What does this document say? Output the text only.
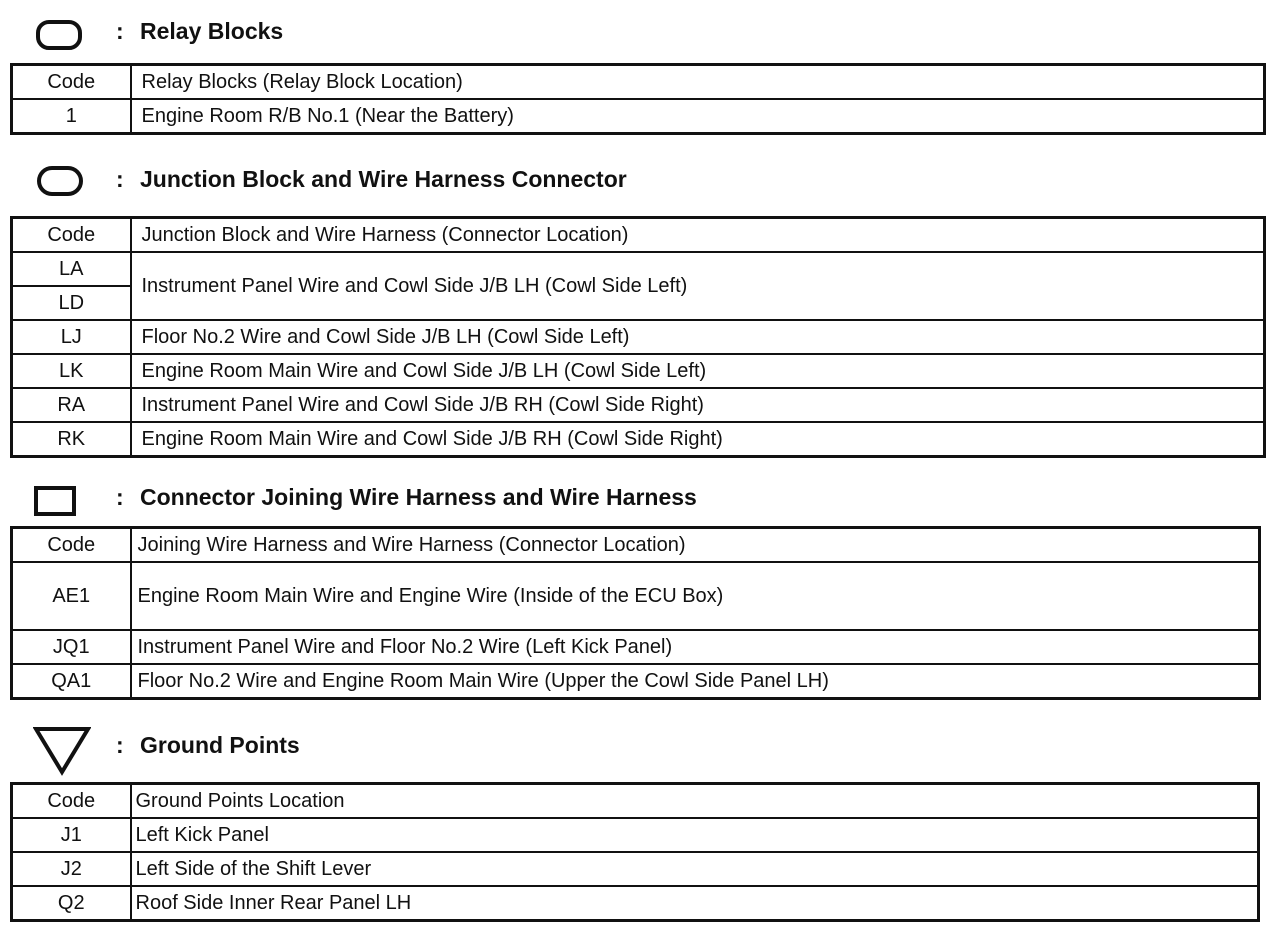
: Relay Blocks
Code	Relay Blocks (Relay Block Location)
1	Engine Room R/B No.1 (Near the Battery)
: Junction Block and Wire Harness Connector
Code	Junction Block and Wire Harness (Connector Location)
LA	Instrument Panel Wire and Cowl Side J/B LH (Cowl Side Left)
LD	
LJ	Floor No.2 Wire and Cowl Side J/B LH (Cowl Side Left)
LK	Engine Room Main Wire and Cowl Side J/B LH (Cowl Side Left)
RA	Instrument Panel Wire and Cowl Side J/B RH (Cowl Side Right)
RK	Engine Room Main Wire and Cowl Side J/B RH (Cowl Side Right)
: Connector Joining Wire Harness and Wire Harness
Code	Joining Wire Harness and Wire Harness (Connector Location)
AE1	Engine Room Main Wire and Engine Wire (Inside of the ECU Box)
JQ1	Instrument Panel Wire and Floor No.2 Wire (Left Kick Panel)
QA1	Floor No.2 Wire and Engine Room Main Wire (Upper the Cowl Side Panel LH)
: Ground Points
Code	Ground Points Location
J1	Left Kick Panel
J2	Left Side of the Shift Lever
Q2	Roof Side Inner Rear Panel LH
